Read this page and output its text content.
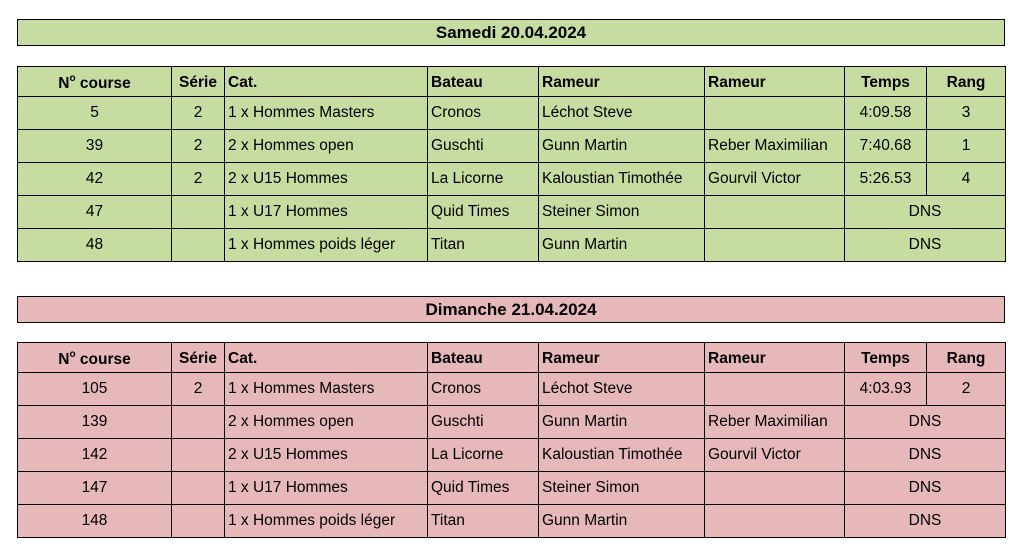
Samedi 20.04.2024
$N^o$ course	Série	Cat.	Bateau	Rameur	Rameur	Temps	Rang
5	2	1 x Hommes Masters	Cronos	Léchot Steve		4:09.58	3
39	2	2 x Hommes open	Guschti	Gunn Martin	Reber Maximilian	7:40.68	1
42	2	2 x U15 Hommes	La Licorne	Kaloustian Timothée	Gourvil Victor	5:26.53	4
47		1 x U17 Hommes	Quid Times	Steiner Simon		DNS	
48		1 x Hommes poids léger	Titan	Gunn Martin		DNS	
Dimanche 21.04.2024
$N^o$ course	Série	Cat.	Bateau	Rameur	Rameur	Temps	Rang
105	2	1 x Hommes Masters	Cronos	Léchot Steve		4:03.93	2
139		2 x Hommes open	Guschti	Gunn Martin	Reber Maximilian	DNS	
142		2 x U15 Hommes	La Licorne	Kaloustian Timothée	Gourvil Victor	DNS	
147		1 x U17 Hommes	Quid Times	Steiner Simon		DNS	
148		1 x Hommes poids léger	Titan	Gunn Martin		DNS	
